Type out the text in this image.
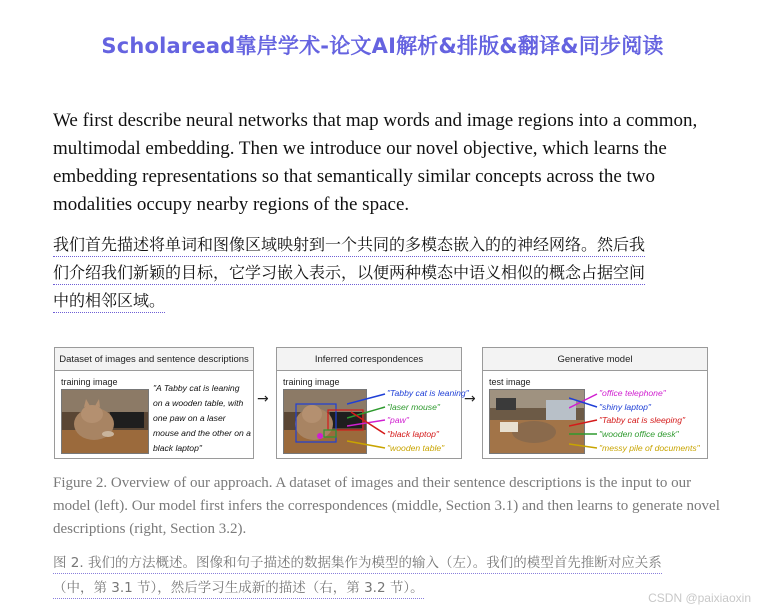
Scholaread靠岸学术-论文AI解析&排版&翻译&同步阅读
We first describe neural networks that map words and image regions into a common, multimodal embedding. Then we introduce our novel objective, which learns the embedding representations so that semantically similar concepts across the two modalities occupy nearby regions of the space.
我们首先描述将单词和图像区域映射到一个共同的多模态嵌入的的神经网络。然后我
们介绍我们新颖的目标，它学习嵌入表示，以便两种模态中语义相似的概念占据空间
中的相邻区域。
Dataset of images and sentence descriptions
training image
"A Tabby cat is leaning on a wooden table, with one paw on a laser mouse and the other on a black laptop"
→
Inferred correspondences
training image
"Tabby cat is leaning"
"laser mouse"
"paw"
"black laptop"
"wooden table"
→
Generative model
test image
"office telephone"
"shiny laptop"
"Tabby cat is sleeping"
"wooden office desk"
"messy pile of documents"
Figure 2. Overview of our approach. A dataset of images and their sentence descriptions is the input to our model (left). Our model first infers the correspondences (middle, Section 3.1) and then learns to generate novel descriptions (right, Section 3.2).
图 2. 我们的方法概述。图像和句子描述的数据集作为模型的输入（左）。我们的模型首先推断对应关系
（中，第 3.1 节），然后学习生成新的描述（右，第 3.2 节）。
CSDN @paixiaoxin
